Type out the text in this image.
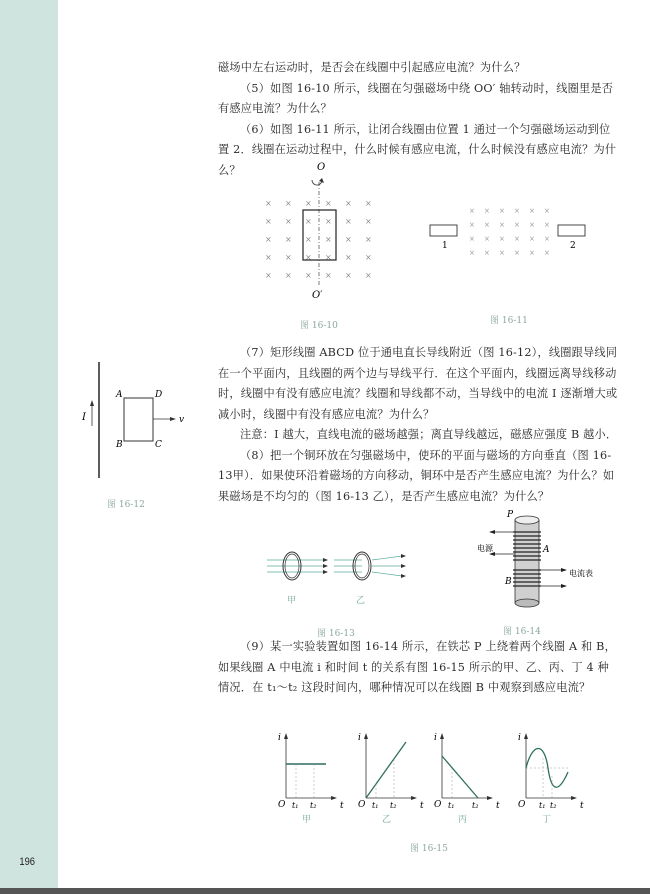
196

磁场中左右运动时，是否会在线圈中引起感应电流？为什么？

（5）如图 16-10 所示，线圈在匀强磁场中绕 OO′ 轴转动时，线圈里是否有感应电流？为什么？

（6）如图 16-11 所示，让闭合线圈由位置 1 通过一个匀强磁场运动到位置 2．线圈在运动过程中，什么时候有感应电流，什么时候没有感应电流？为什么？	O
× × × × × ×
× × × × × ×
× × × × × ×
× × × × × ×
× × × × × ×
O′
图 16-10
1	2
× × × × × ×
× × × × × ×
× × × × × ×
× × × × × ×
图 16-11
I
A	D
B	C
v
图 16-12

（7）矩形线圈 ABCD 位于通电直长导线附近（图 16-12），线圈跟导线同在一个平面内，且线圈的两个边与导线平行．在这个平面内，线圈远离导线移动时，线圈中有没有感应电流？线圈和导线都不动，当导线中的电流 I 逐渐增大或减小时，线圈中有没有感应电流？为什么？

注意：I 越大，直线电流的磁场越强；离直导线越远，磁感应强度 B 越小．

（8）把一个铜环放在匀强磁场中，使环的平面与磁场的方向垂直（图 16-13甲）．如果使环沿着磁场的方向移动，铜环中是否产生感应电流？为什么？如果磁场是不均匀的（图 16-13 乙），是否产生感应电流？为什么？

甲	乙
图 16-13
P
电源	A
B
电流表
图 16-14

（9）某一实验装置如图 16-14 所示，在铁芯 P 上绕着两个线圈 A 和 B，如果线圈 A 中电流 i 和时间 t 的关系有图 16-15 所示的甲、乙、丙、丁 4 种情况．在 t₁～t₂ 这段时间内，哪种情况可以在线圈 B 中观察到感应电流？

i
O t₁ t₂	t
甲
i
O t₁ t₂	t
乙
i
O t₁ t₂ t
丙
i
O t₁ t₂	t
丁
图 16-15
